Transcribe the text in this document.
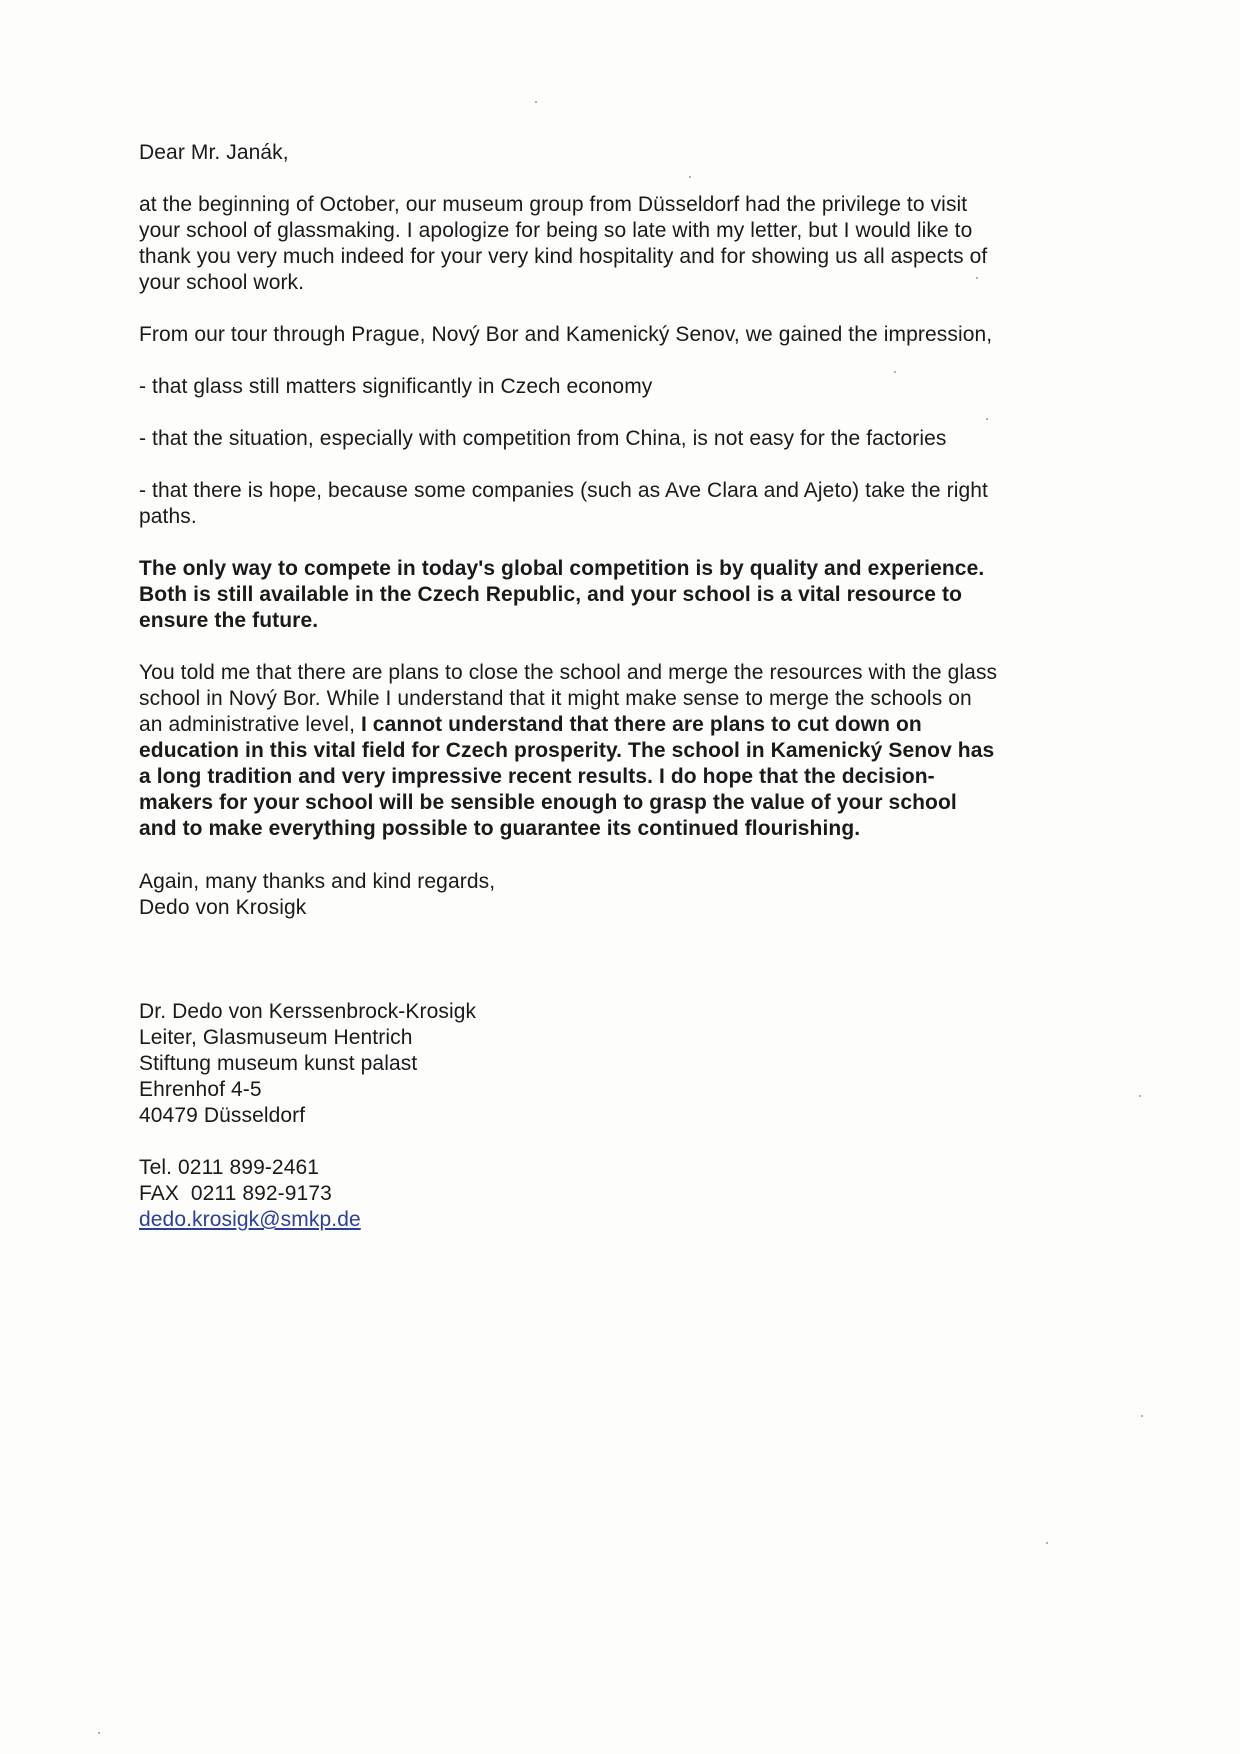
Dear Mr. Janák,

at the beginning of October, our museum group from Düsseldorf had the privilege to visit your school of glassmaking. I apologize for being so late with my letter, but I would like to thank you very much indeed for your very kind hospitality and for showing us all aspects of your school work.

From our tour through Prague, Nový Bor and Kamenický Senov, we gained the impression,

- that glass still matters significantly in Czech economy

- that the situation, especially with competition from China, is not easy for the factories

- that there is hope, because some companies (such as Ave Clara and Ajeto) take the right paths.

The only way to compete in today's global competition is by quality and experience. Both is still available in the Czech Republic, and your school is a vital resource to ensure the future.

You told me that there are plans to close the school and merge the resources with the glass school in Nový Bor. While I understand that it might make sense to merge the schools on an administrative level, I cannot understand that there are plans to cut down on education in this vital field for Czech prosperity. The school in Kamenický Senov has a long tradition and very impressive recent results. I do hope that the decision-makers for your school will be sensible enough to grasp the value of your school and to make everything possible to guarantee its continued flourishing.

Again, many thanks and kind regards,

Dedo von Krosigk

Dr. Dedo von Kerssenbrock-Krosigk

Leiter, Glasmuseum Hentrich

Stiftung museum kunst palast

Ehrenhof 4-5

40479 Düsseldorf

Tel. 0211 899-2461

FAX  0211 892-9173

dedo.krosigk@smkp.de
